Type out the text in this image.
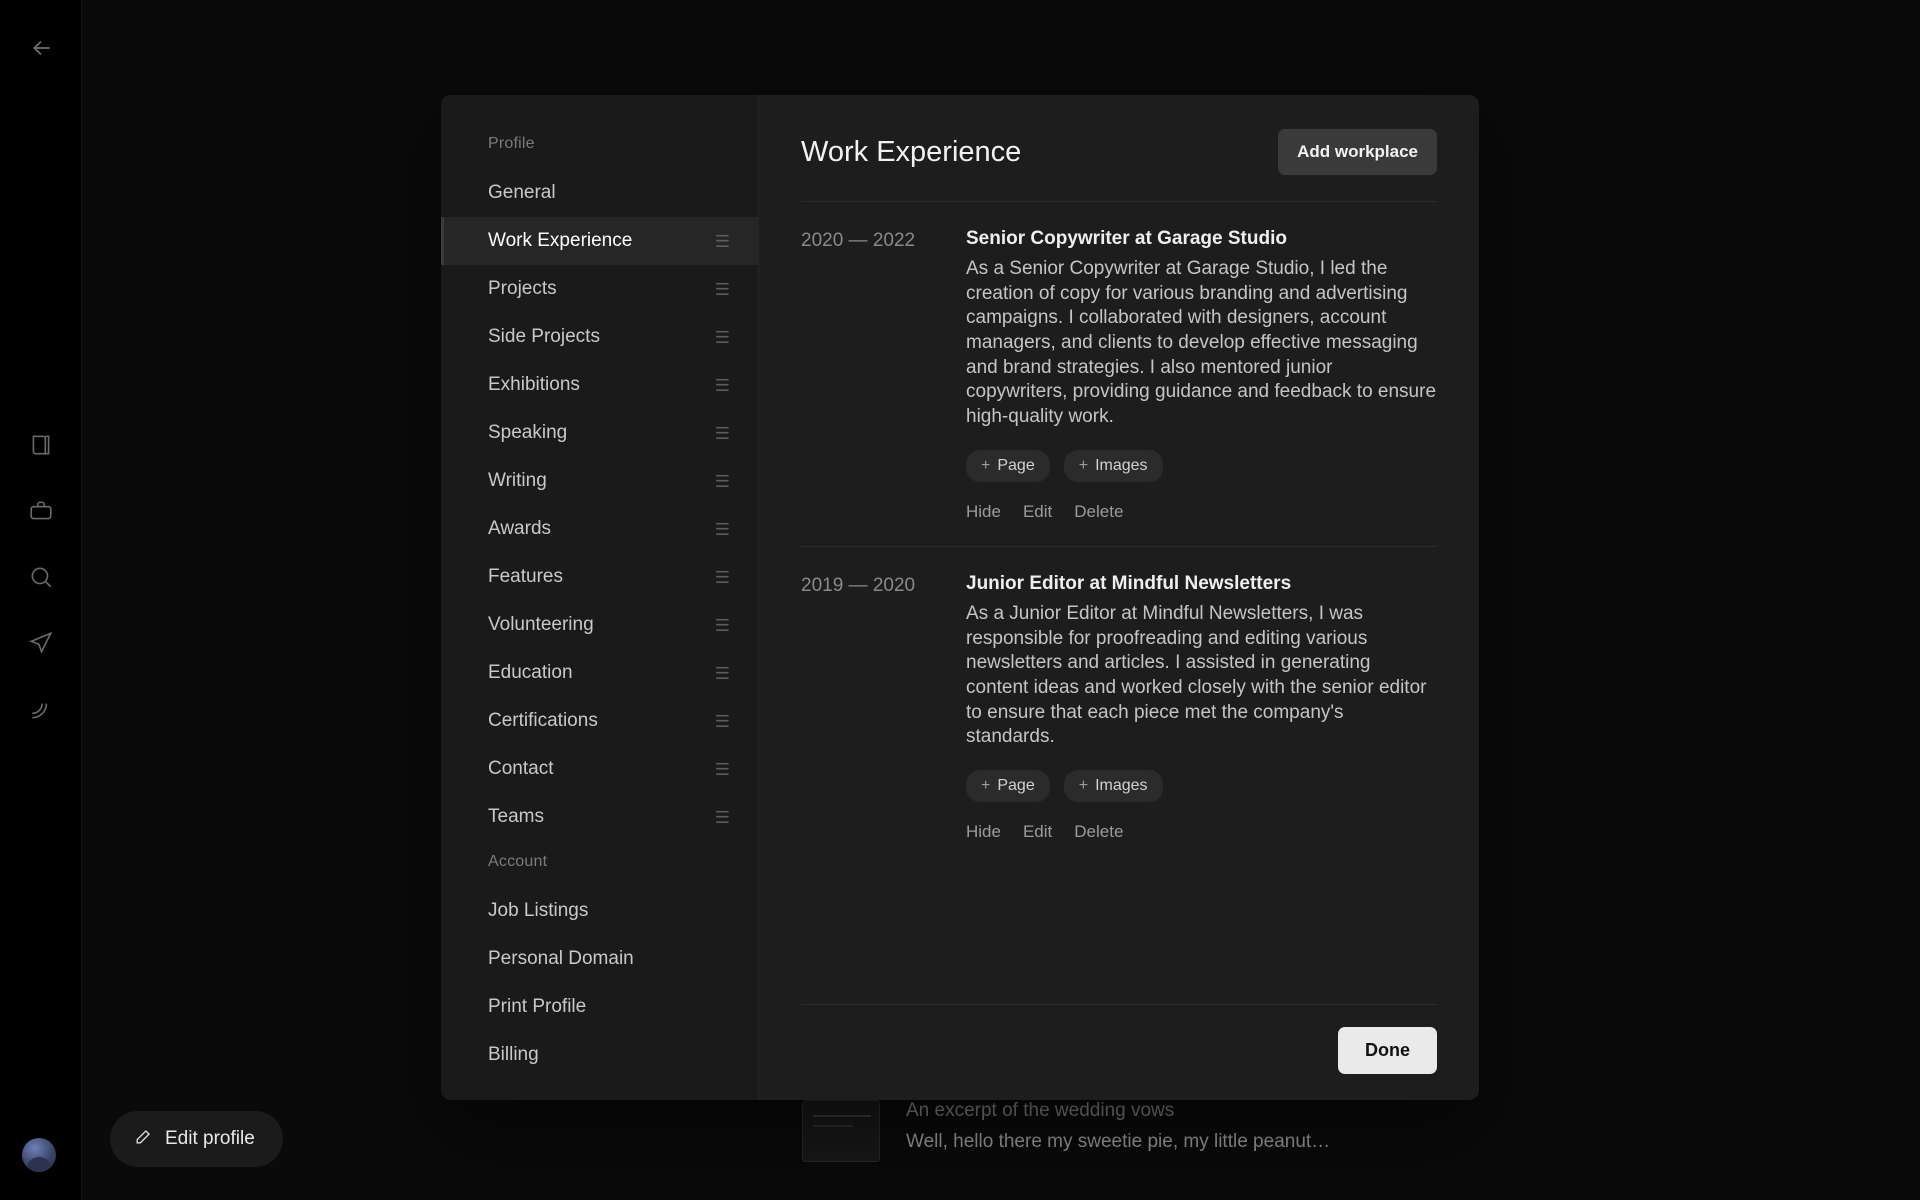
Edit profile
An excerpt of the wedding vows
Well, hello there my sweetie pie, my little peanut…
Profile
General
Work Experience	☰
Projects	☰
Side Projects	☰
Exhibitions	☰
Speaking	☰
Writing	☰
Awards	☰
Features	☰
Volunteering	☰
Education	☰
Certifications	☰
Contact	☰
Teams	☰
Account
Job Listings
Personal Domain
Print Profile
Billing
Work Experience	Add workplace
2020 — 2022	Senior Copywriter at Garage Studio
As a Senior Copywriter at Garage Studio, I led the creation of copy for various branding and advertising campaigns. I collaborated with designers, account managers, and clients to develop effective messaging and brand strategies. I also mentored junior copywriters, providing guidance and feedback to ensure high-quality work.
+ Page	+ Images
Hide Edit Delete
2019 — 2020	Junior Editor at Mindful Newsletters
As a Junior Editor at Mindful Newsletters, I was responsible for proofreading and editing various newsletters and articles. I assisted in generating content ideas and worked closely with the senior editor to ensure that each piece met the company's standards.
+ Page	+ Images
Hide Edit Delete
Done
